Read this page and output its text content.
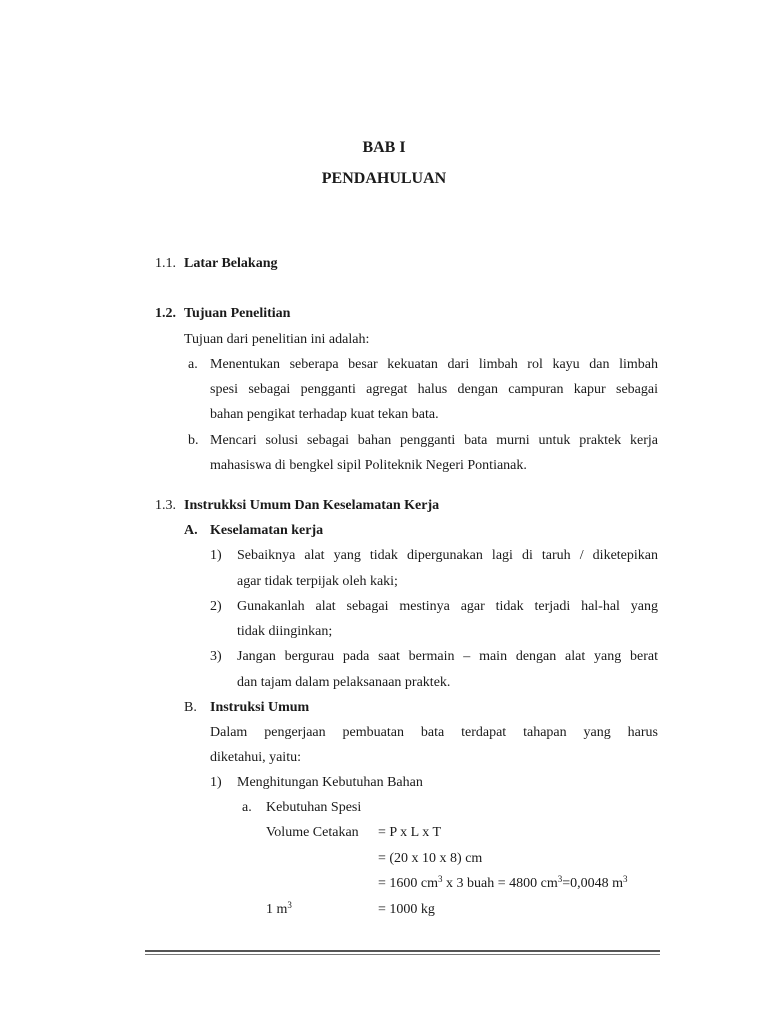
BAB I
PENDAHULUAN
1.1. Latar Belakang
1.2. Tujuan Penelitian
Tujuan dari penelitian ini adalah:
a. Menentukan seberapa besar kekuatan dari limbah rol kayu dan limbah
spesi sebagai pengganti agregat halus dengan campuran kapur sebagai
bahan pengikat terhadap kuat tekan bata.
b. Mencari solusi sebagai bahan pengganti bata murni untuk praktek kerja
mahasiswa di bengkel sipil Politeknik Negeri Pontianak.
1.3. Instrukksi Umum Dan Keselamatan Kerja
A. Keselamatan kerja
1) Sebaiknya alat yang tidak dipergunakan lagi di taruh / diketepikan
agar tidak terpijak oleh kaki;
2) Gunakanlah alat sebagai mestinya agar tidak terjadi hal-hal yang
tidak diinginkan;
3) Jangan bergurau pada saat bermain – main dengan alat yang berat
dan tajam dalam pelaksanaan praktek.
B. Instruksi Umum
Dalam pengerjaan pembuatan bata terdapat tahapan yang harus
diketahui, yaitu:
1) Menghitungan Kebutuhan Bahan
a. Kebutuhan Spesi
Volume Cetakan = P x L x T
= (20 x 10 x 8) cm
= 1600 $cm^3$ x 3 buah = 4800 $cm^3=0,0048$ $m^3$
1 $m^3$	= 1000 kg
